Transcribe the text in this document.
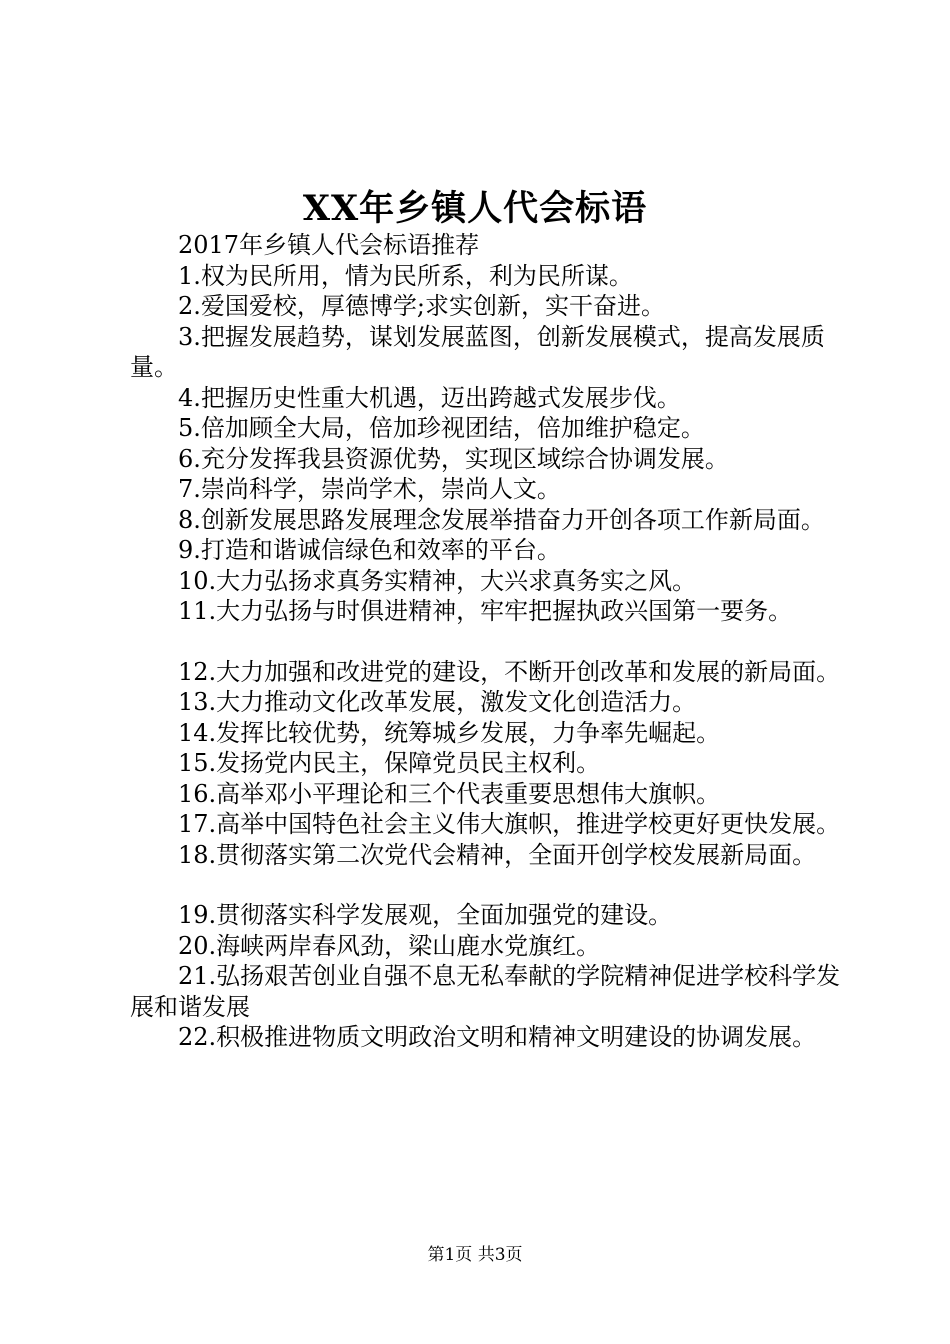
XX年乡镇人代会标语

2017年乡镇人代会标语推荐

1.权为民所用，情为民所系，利为民所谋。

2.爱国爱校，厚德博学;求实创新，实干奋进。

3.把握发展趋势，谋划发展蓝图，创新发展模式，提高发展质量。

4.把握历史性重大机遇，迈出跨越式发展步伐。

5.倍加顾全大局，倍加珍视团结，倍加维护稳定。

6.充分发挥我县资源优势，实现区域综合协调发展。

7.崇尚科学，崇尚学术，崇尚人文。

8.创新发展思路发展理念发展举措奋力开创各项工作新局面。

9.打造和谐诚信绿色和效率的平台。

10.大力弘扬求真务实精神，大兴求真务实之风。

11.大力弘扬与时俱进精神，牢牢把握执政兴国第一要务。

12.大力加强和改进党的建设，不断开创改革和发展的新局面。

13.大力推动文化改革发展，激发文化创造活力。

14.发挥比较优势，统筹城乡发展，力争率先崛起。

15.发扬党内民主，保障党员民主权利。

16.高举邓小平理论和三个代表重要思想伟大旗帜。

17.高举中国特色社会主义伟大旗帜，推进学校更好更快发展。

18.贯彻落实第二次党代会精神，全面开创学校发展新局面。

19.贯彻落实科学发展观，全面加强党的建设。

20.海峡两岸春风劲，梁山鹿水党旗红。

21.弘扬艰苦创业自强不息无私奉献的学院精神促进学校科学发展和谐发展

22.积极推进物质文明政治文明和精神文明建设的协调发展。

第1页 共3页
